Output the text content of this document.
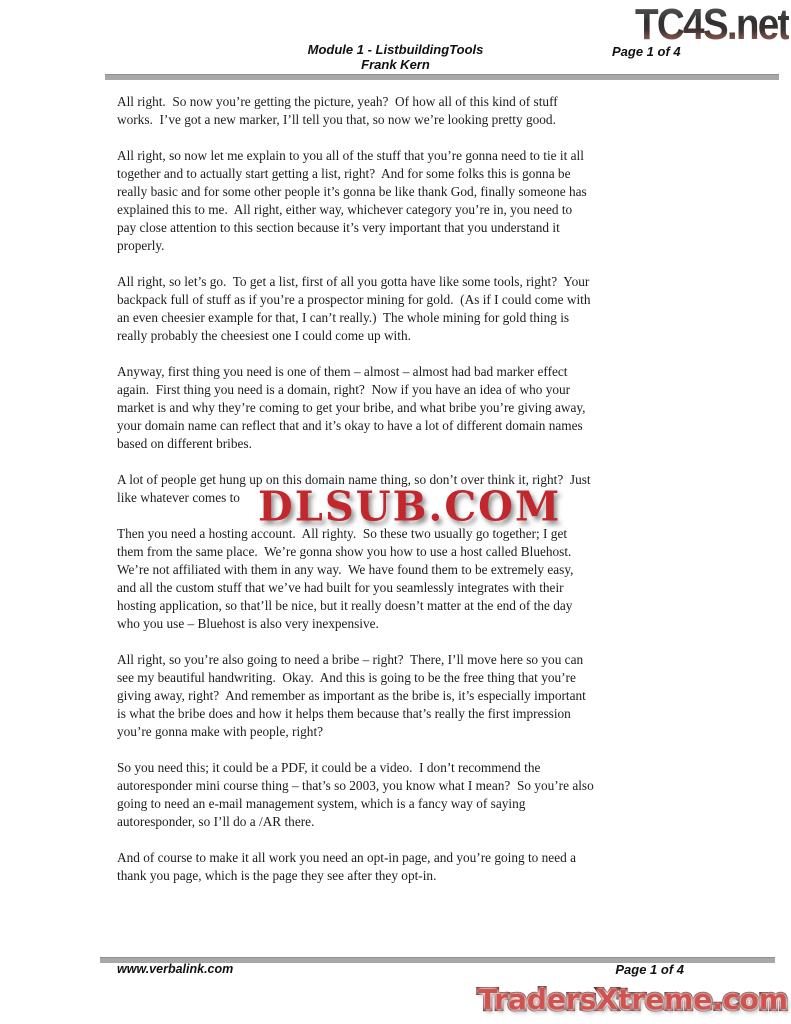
TC4S.net
Page 1 of 4
Module 1 - ListbuildingTools
Frank Kern

All right.  So now you’re getting the picture, yeah?  Of how all of this kind of stuff
works.  I’ve got a new marker, I’ll tell you that, so now we’re looking pretty good.

All right, so now let me explain to you all of the stuff that you’re gonna need to tie it all
together and to actually start getting a list, right?  And for some folks this is gonna be
really basic and for some other people it’s gonna be like thank God, finally someone has
explained this to me.  All right, either way, whichever category you’re in, you need to
pay close attention to this section because it’s very important that you understand it
properly.

All right, so let’s go.  To get a list, first of all you gotta have like some tools, right?  Your
backpack full of stuff as if you’re a prospector mining for gold.  (As if I could come with
an even cheesier example for that, I can’t really.)  The whole mining for gold thing is
really probably the cheesiest one I could come up with.

Anyway, first thing you need is one of them – almost – almost had bad marker effect
again.  First thing you need is a domain, right?  Now if you have an idea of who your
market is and why they’re coming to get your bribe, and what bribe you’re giving away,
your domain name can reflect that and it’s okay to have a lot of different domain names
based on different bribes.

A lot of people get hung up on this domain name thing, so don’t over think it, right?  Just
like whatever comes to

Then you need a hosting account.  All righty.  So these two usually go together; I get
them from the same place.  We’re gonna show you how to use a host called Bluehost.
We’re not affiliated with them in any way.  We have found them to be extremely easy,
and all the custom stuff that we’ve had built for you seamlessly integrates with their
hosting application, so that’ll be nice, but it really doesn’t matter at the end of the day
who you use – Bluehost is also very inexpensive.

All right, so you’re also going to need a bribe – right?  There, I’ll move here so you can
see my beautiful handwriting.  Okay.  And this is going to be the free thing that you’re
giving away, right?  And remember as important as the bribe is, it’s especially important
is what the bribe does and how it helps them because that’s really the first impression
you’re gonna make with people, right?

So you need this; it could be a PDF, it could be a video.  I don’t recommend the
autoresponder mini course thing – that’s so 2003, you know what I mean?  So you’re also
going to need an e-mail management system, which is a fancy way of saying
autoresponder, so I’ll do a /AR there.

And of course to make it all work you need an opt-in page, and you’re going to need a
thank you page, which is the page they see after they opt-in.

DLSUB.COM
www.verbalink.com	Page 1 of 4
TradersXtreme.com
